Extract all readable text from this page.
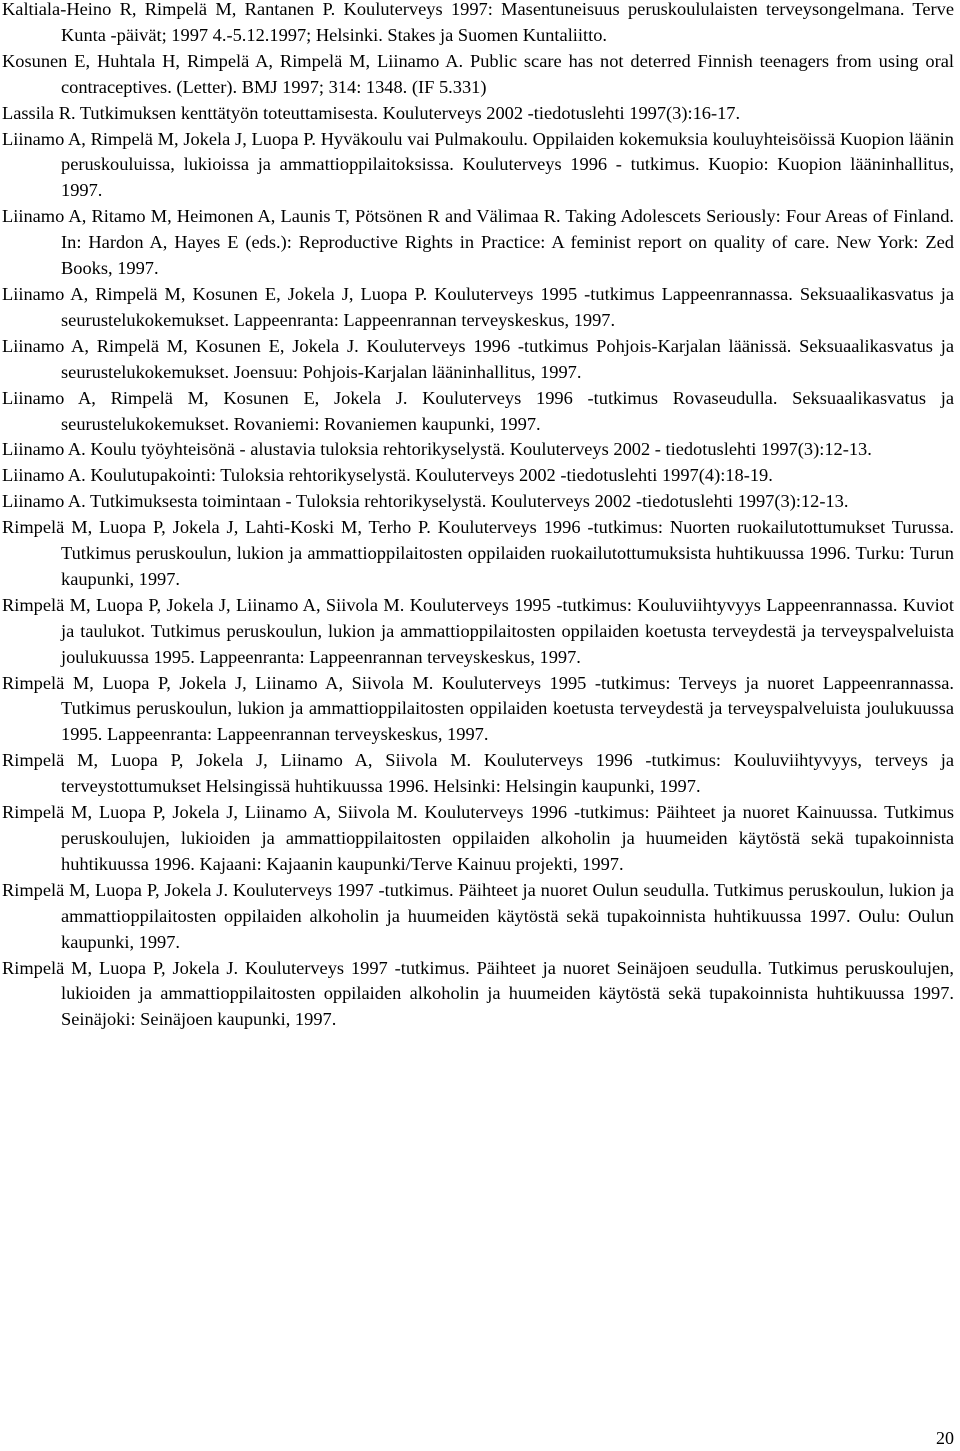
Kaltiala-Heino R, Rimpelä M, Rantanen P. Kouluterveys 1997: Masentuneisuus peruskoululaisten terveysongelmana. Terve Kunta -päivät; 1997 4.-5.12.1997; Helsinki. Stakes ja Suomen Kuntaliitto.

Kosunen E, Huhtala H, Rimpelä A, Rimpelä M, Liinamo A. Public scare has not deterred Finnish teenagers from using oral contraceptives. (Letter). BMJ 1997; 314: 1348. (IF 5.331)

Lassila R. Tutkimuksen kenttätyön toteuttamisesta. Kouluterveys 2002 -tiedotuslehti 1997(3):16-17.

Liinamo A, Rimpelä M, Jokela J, Luopa P. Hyväkoulu vai Pulmakoulu. Oppilaiden kokemuksia kouluyhteisöissä Kuopion läänin peruskouluissa, lukioissa ja ammattioppilaitoksissa. Kouluterveys 1996 - tutkimus. Kuopio: Kuopion lääninhallitus, 1997.

Liinamo A, Ritamo M, Heimonen A, Launis T, Pötsönen R and Välimaa R. Taking Adolescets Seriously: Four Areas of Finland. In: Hardon A, Hayes E (eds.): Reproductive Rights in Practice: A feminist report on quality of care. New York: Zed Books, 1997.

Liinamo A, Rimpelä M, Kosunen E, Jokela J, Luopa P. Kouluterveys 1995 -tutkimus Lappeenrannassa. Seksuaalikasvatus ja seurustelukokemukset. Lappeenranta: Lappeenrannan terveyskeskus, 1997.

Liinamo A, Rimpelä M, Kosunen E, Jokela J. Kouluterveys 1996 -tutkimus Pohjois-Karjalan läänissä. Seksuaalikasvatus ja seurustelukokemukset. Joensuu: Pohjois-Karjalan lääninhallitus, 1997.

Liinamo A, Rimpelä M, Kosunen E, Jokela J. Kouluterveys 1996 -tutkimus Rovaseudulla. Seksuaalikasvatus ja seurustelukokemukset. Rovaniemi: Rovaniemen kaupunki, 1997.

Liinamo A. Koulu työyhteisönä - alustavia tuloksia rehtorikyselystä. Kouluterveys 2002 - tiedotuslehti 1997(3):12-13.

Liinamo A. Koulutupakointi: Tuloksia rehtorikyselystä. Kouluterveys 2002 -tiedotuslehti 1997(4):18-19.

Liinamo A. Tutkimuksesta toimintaan - Tuloksia rehtorikyselystä. Kouluterveys 2002 -tiedotuslehti 1997(3):12-13.

Rimpelä M, Luopa P, Jokela J, Lahti-Koski M, Terho P. Kouluterveys 1996 -tutkimus: Nuorten ruokailutottumukset Turussa. Tutkimus peruskoulun, lukion ja ammattioppilaitosten oppilaiden ruokailutottumuksista huhtikuussa 1996. Turku: Turun kaupunki, 1997.

Rimpelä M, Luopa P, Jokela J, Liinamo A, Siivola M. Kouluterveys 1995 -tutkimus: Kouluviihtyvyys Lappeenrannassa. Kuviot ja taulukot. Tutkimus peruskoulun, lukion ja ammattioppilaitosten oppilaiden koetusta terveydestä ja terveyspalveluista joulukuussa 1995. Lappeenranta: Lappeenrannan terveyskeskus, 1997.

Rimpelä M, Luopa P, Jokela J, Liinamo A, Siivola M. Kouluterveys 1995 -tutkimus: Terveys ja nuoret Lappeenrannassa. Tutkimus peruskoulun, lukion ja ammattioppilaitosten oppilaiden koetusta terveydestä ja terveyspalveluista joulukuussa 1995. Lappeenranta: Lappeenrannan terveyskeskus, 1997.

Rimpelä M, Luopa P, Jokela J, Liinamo A, Siivola M. Kouluterveys 1996 -tutkimus: Kouluviihtyvyys, terveys ja terveystottumukset Helsingissä huhtikuussa 1996. Helsinki: Helsingin kaupunki, 1997.

Rimpelä M, Luopa P, Jokela J, Liinamo A, Siivola M. Kouluterveys 1996 -tutkimus: Päihteet ja nuoret Kainuussa. Tutkimus peruskoulujen, lukioiden ja ammattioppilaitosten oppilaiden alkoholin ja huumeiden käytöstä sekä tupakoinnista huhtikuussa 1996. Kajaani: Kajaanin kaupunki/Terve Kainuu projekti, 1997.

Rimpelä M, Luopa P, Jokela J. Kouluterveys 1997 -tutkimus. Päihteet ja nuoret Oulun seudulla. Tutkimus peruskoulun, lukion ja ammattioppilaitosten oppilaiden alkoholin ja huumeiden käytöstä sekä tupakoinnista huhtikuussa 1997. Oulu: Oulun kaupunki, 1997.

Rimpelä M, Luopa P, Jokela J. Kouluterveys 1997 -tutkimus. Päihteet ja nuoret Seinäjoen seudulla. Tutkimus peruskoulujen, lukioiden ja ammattioppilaitosten oppilaiden alkoholin ja huumeiden käytöstä sekä tupakoinnista huhtikuussa 1997. Seinäjoki: Seinäjoen kaupunki, 1997.

20
